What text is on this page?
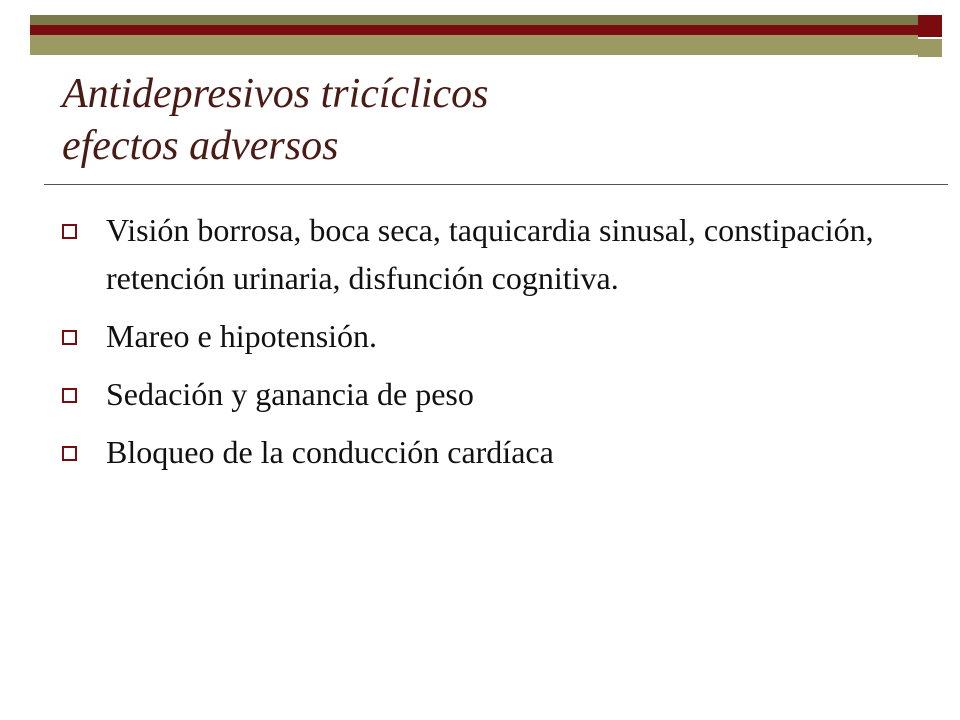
Antidepresivos tricíclicos
efectos adversos
Visión borrosa, boca seca, taquicardia sinusal, constipación, retención urinaria, disfunción cognitiva.
Mareo e hipotensión.
Sedación y ganancia de peso
Bloqueo de la conducción cardíaca
